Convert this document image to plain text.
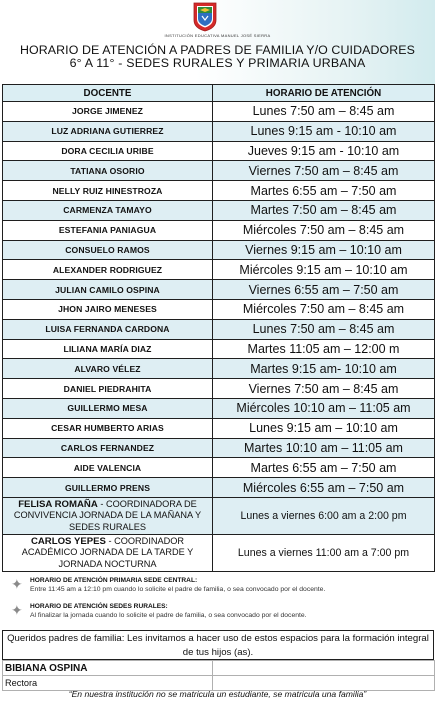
INSTITUCIÓN EDUCATIVA MANUEL JOSÉ SIERRA
HORARIO DE ATENCIÓN A PADRES DE FAMILIA Y/O CUIDADORES
6° A 11° - SEDES RURALES Y PRIMARIA URBANA
DOCENTE	HORARIO DE ATENCIÓN
JORGE JIMENEZ	Lunes 7:50 am – 8:45 am
LUZ ADRIANA GUTIERREZ	Lunes 9:15 am - 10:10 am
DORA CECILIA URIBE	Jueves 9:15 am - 10:10 am
TATIANA OSORIO	Viernes 7:50 am – 8:45 am
NELLY RUIZ HINESTROZA	Martes 6:55 am – 7:50 am
CARMENZA TAMAYO	Martes 7:50 am – 8:45 am
ESTEFANIA PANIAGUA	Miércoles 7:50 am – 8:45 am
CONSUELO RAMOS	Viernes 9:15 am – 10:10 am
ALEXANDER RODRIGUEZ	Miércoles 9:15 am – 10:10 am
JULIAN CAMILO OSPINA	Viernes 6:55 am – 7:50 am
JHON JAIRO MENESES	Miércoles 7:50 am – 8:45 am
LUISA FERNANDA CARDONA	Lunes 7:50 am – 8:45 am
LILIANA MARÍA DIAZ	Martes 11:05 am – 12:00 m
ALVARO VÉLEZ	Martes 9:15 am- 10:10 am
DANIEL PIEDRAHITA	Viernes 7:50 am – 8:45 am
GUILLERMO MESA	Miércoles 10:10 am – 11:05 am
CESAR HUMBERTO ARIAS	Lunes 9:15 am – 10:10 am
CARLOS FERNANDEZ	Martes 10:10 am – 11:05 am
AIDE VALENCIA	Martes 6:55 am – 7:50 am
GUILLERMO PRENS	Miércoles 6:55 am – 7:50 am
FELISA ROMAÑA - COORDINADORA DE CONVIVENCIA JORNADA DE LA MAÑANA Y SEDES RURALES	Lunes a viernes 6:00 am a 2:00 pm
CARLOS YEPES - COORDINADOR ACADÉMICO JORNADA DE LA TARDE Y JORNADA NOCTURNA	Lunes a viernes 11:00 am a 7:00 pm
✦	HORARIO DE ATENCIÓN PRIMARIA SEDE CENTRAL:
Entre 11:45 am a 12:10 pm cuando lo solicite el padre de familia, o sea convocado por el docente.
✦	HORARIO DE ATENCIÓN SEDES RURALES:
Al finalizar la jornada cuando lo solicite el padre de familia, o sea convocado por el docente.
Queridos padres de familia: Les invitamos a hacer uso de estos espacios para la formación integral de tus hijos (as).
BIBIANA OSPINA	
Rectora	
“En nuestra institución no se matricula un estudiante, se matricula una familia”
